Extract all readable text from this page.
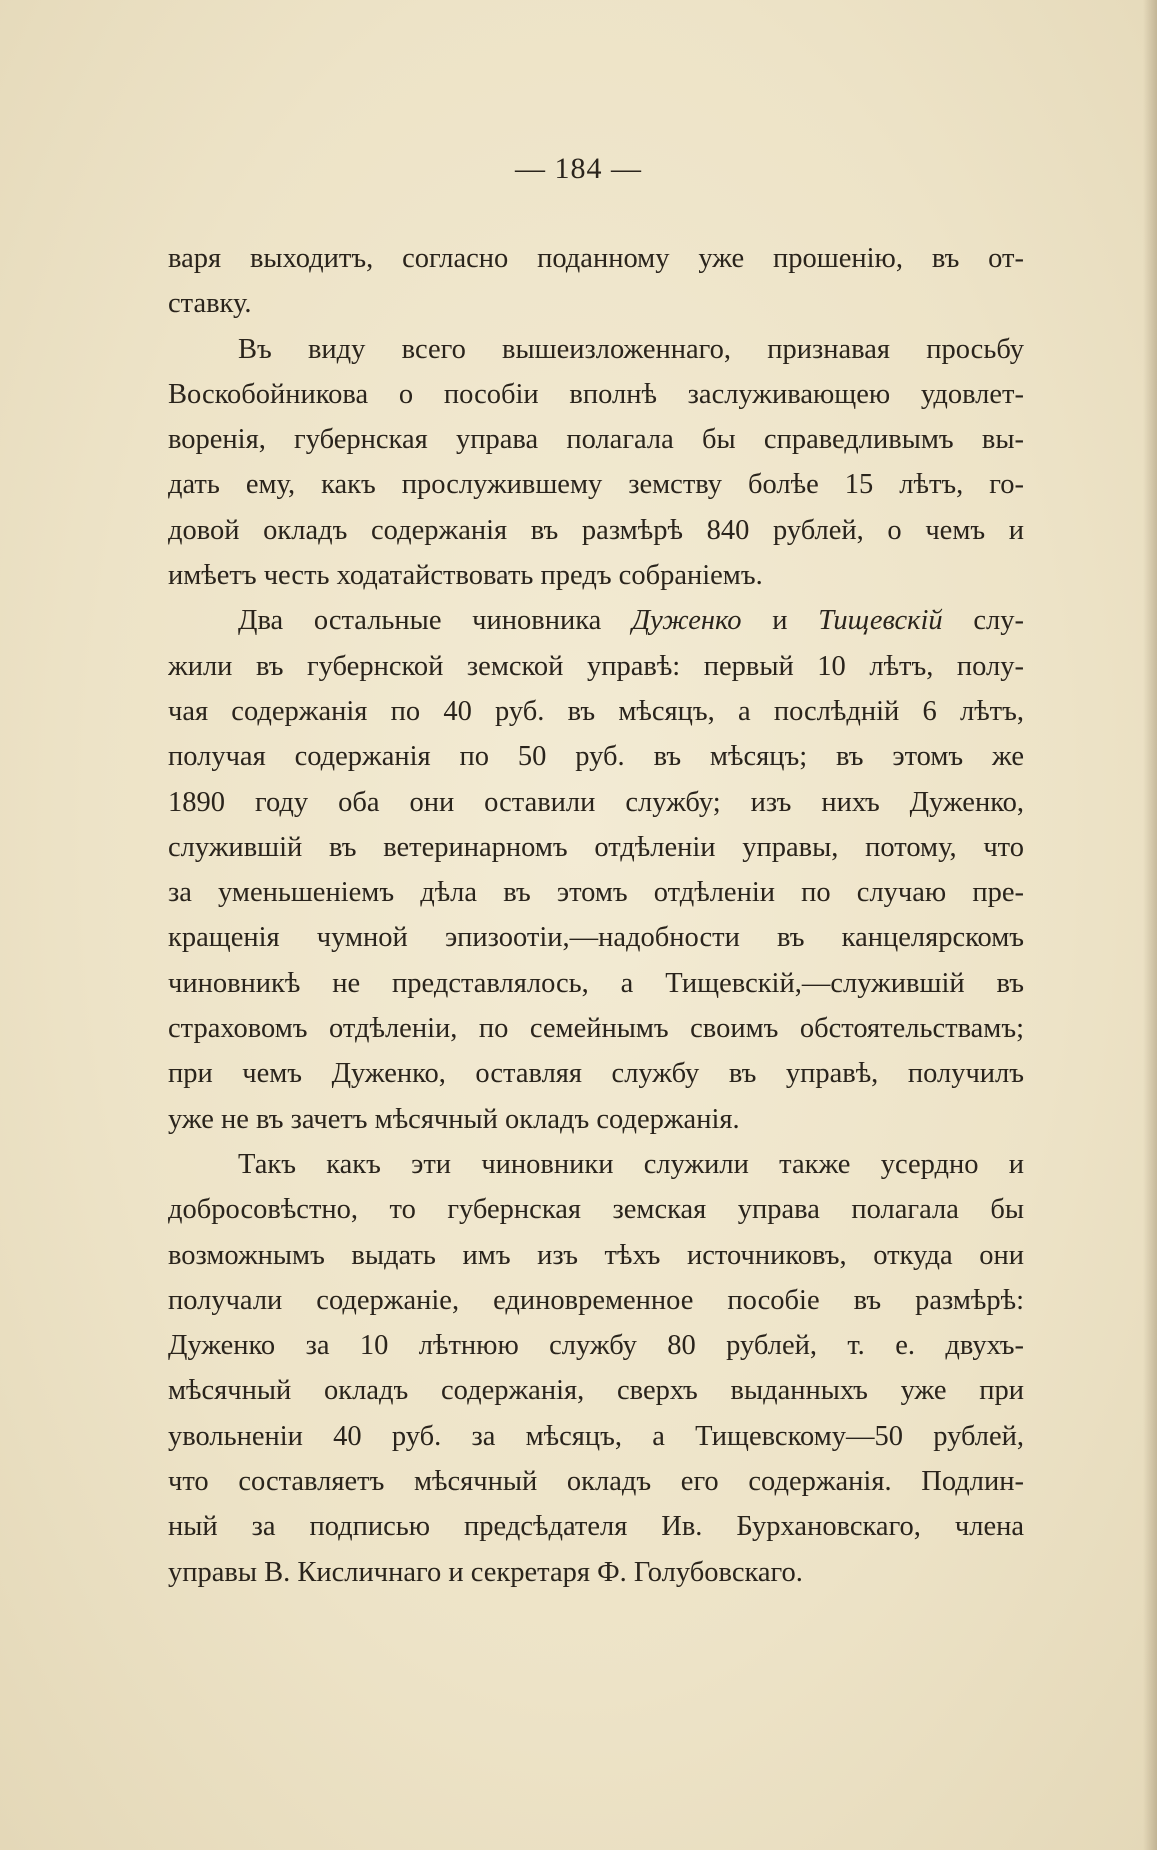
— 184 —
варя выходитъ, согласно поданному уже прошенію, въ от-
ставку.
Въ виду всего вышеизложеннаго, признавая просьбу
Воскобойникова о пособіи вполнѣ заслуживающею удовлет-
воренія, губернская управа полагала бы справедливымъ вы-
дать ему, какъ прослужившему земству болѣе 15 лѣтъ, го-
довой окладъ содержанія въ размѣрѣ 840 рублей, о чемъ и
имѣетъ честь ходатайствовать предъ собраніемъ.
Два остальные чиновника Дуженко и Тищевскій слу-
жили въ губернской земской управѣ: первый 10 лѣтъ, полу-
чая содержанія по 40 руб. въ мѣсяцъ, а послѣдній 6 лѣтъ,
получая содержанія по 50 руб. въ мѣсяцъ; въ этомъ же
1890 году оба они оставили службу; изъ нихъ Дуженко,
служившій въ ветеринарномъ отдѣленіи управы, потому, что
за уменьшеніемъ дѣла въ этомъ отдѣленіи по случаю пре-
кращенія чумной эпизоотіи,—надобности въ канцелярскомъ
чиновникѣ не представлялось, а Тищевскій,—служившій въ
страховомъ отдѣленіи, по семейнымъ своимъ обстоятельствамъ;
при чемъ Дуженко, оставляя службу въ управѣ, получилъ
уже не въ зачетъ мѣсячный окладъ содержанія.
Такъ какъ эти чиновники служили также усердно и
добросовѣстно, то губернская земская управа полагала бы
возможнымъ выдать имъ изъ тѣхъ источниковъ, откуда они
получали содержаніе, единовременное пособіе въ размѣрѣ:
Дуженко за 10 лѣтнюю службу 80 рублей, т. е. двухъ-
мѣсячный окладъ содержанія, сверхъ выданныхъ уже при
увольненіи 40 руб. за мѣсяцъ, а Тищевскому—50 рублей,
что составляетъ мѣсячный окладъ его содержанія. Подлин-
ный за подписью предсѣдателя Ив. Бурхановскаго, члена
управы В. Кисличнаго и секретаря Ф. Голубовскаго.
